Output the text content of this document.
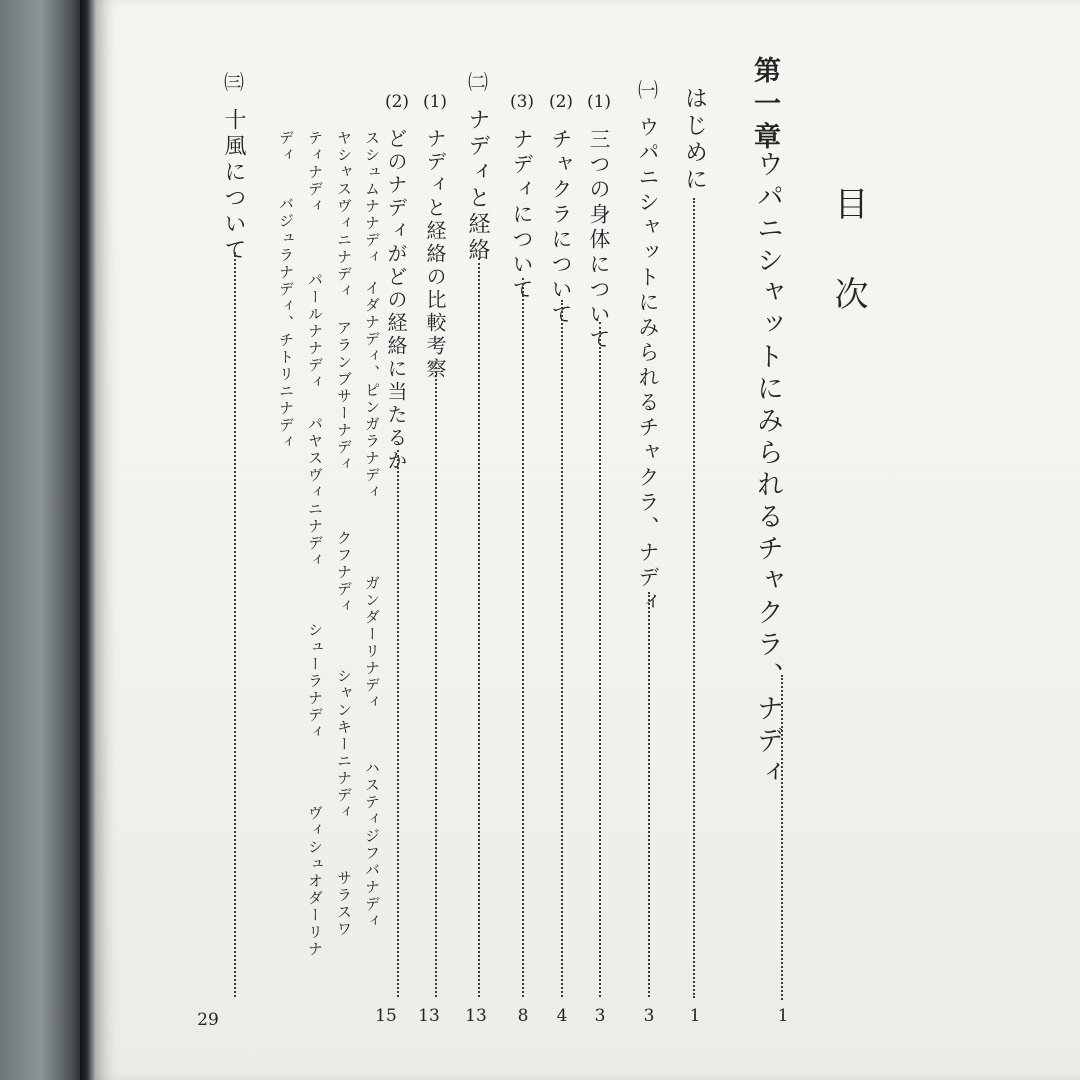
目
次
第一章
ウパニシャットにみられるチャクラ、ナディ
1
はじめに
1
㈠
ウパニシャットにみられるチャクラ、ナディ
3
(1)
三つの身体について
3
(2)
チャクラについて
4
(3)
ナディについて
8
㈡
ナディと経絡
13
(1)
ナディと経絡の比較考察
13
(2)
どのナディがどの経絡に当たるか
15
スシュムナナディ
イダナディ、ピンガラナディ
ガンダーリナディ
ハスティジフバナディ
ヤシャスヴィニナディ
アランブサーナディ
クフナディ
シャンキーニナディ
サラスワ
ティナディ
パールナナディ
パヤスヴィニナディ
シューラナディ
ヴィシュオダーリナ
ディ
バジュラナディ、チトリニナディ
㈢
十風について
29
